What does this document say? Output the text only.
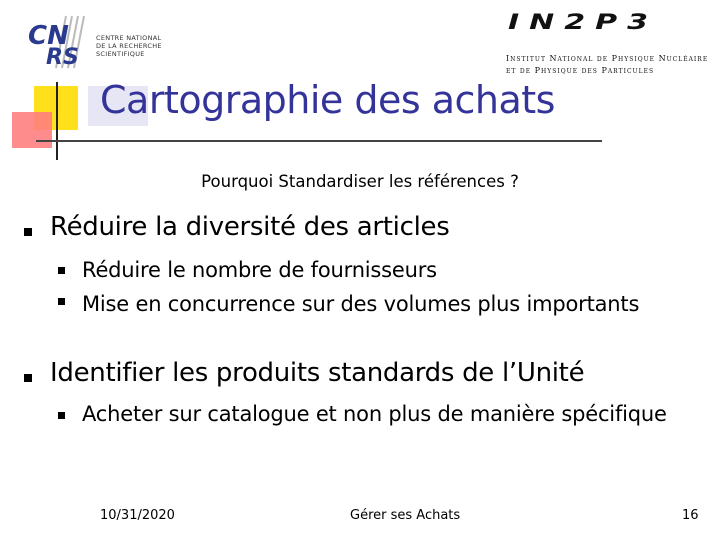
CN
RS
CENTRE NATIONAL
DE LA RECHERCHE
SCIENTIFIQUE
IN2P3
Institut National de Physique Nucléaire
et de Physique des Particules
Cartographie des achats
Pourquoi Standardiser les références ?
Réduire la diversité des articles
Réduire le nombre de fournisseurs
Mise en concurrence sur des volumes plus importants
Identifier les produits standards de l’Unité
Acheter sur catalogue et non plus de manière spécifique
10/31/2020	Gérer ses Achats	16
